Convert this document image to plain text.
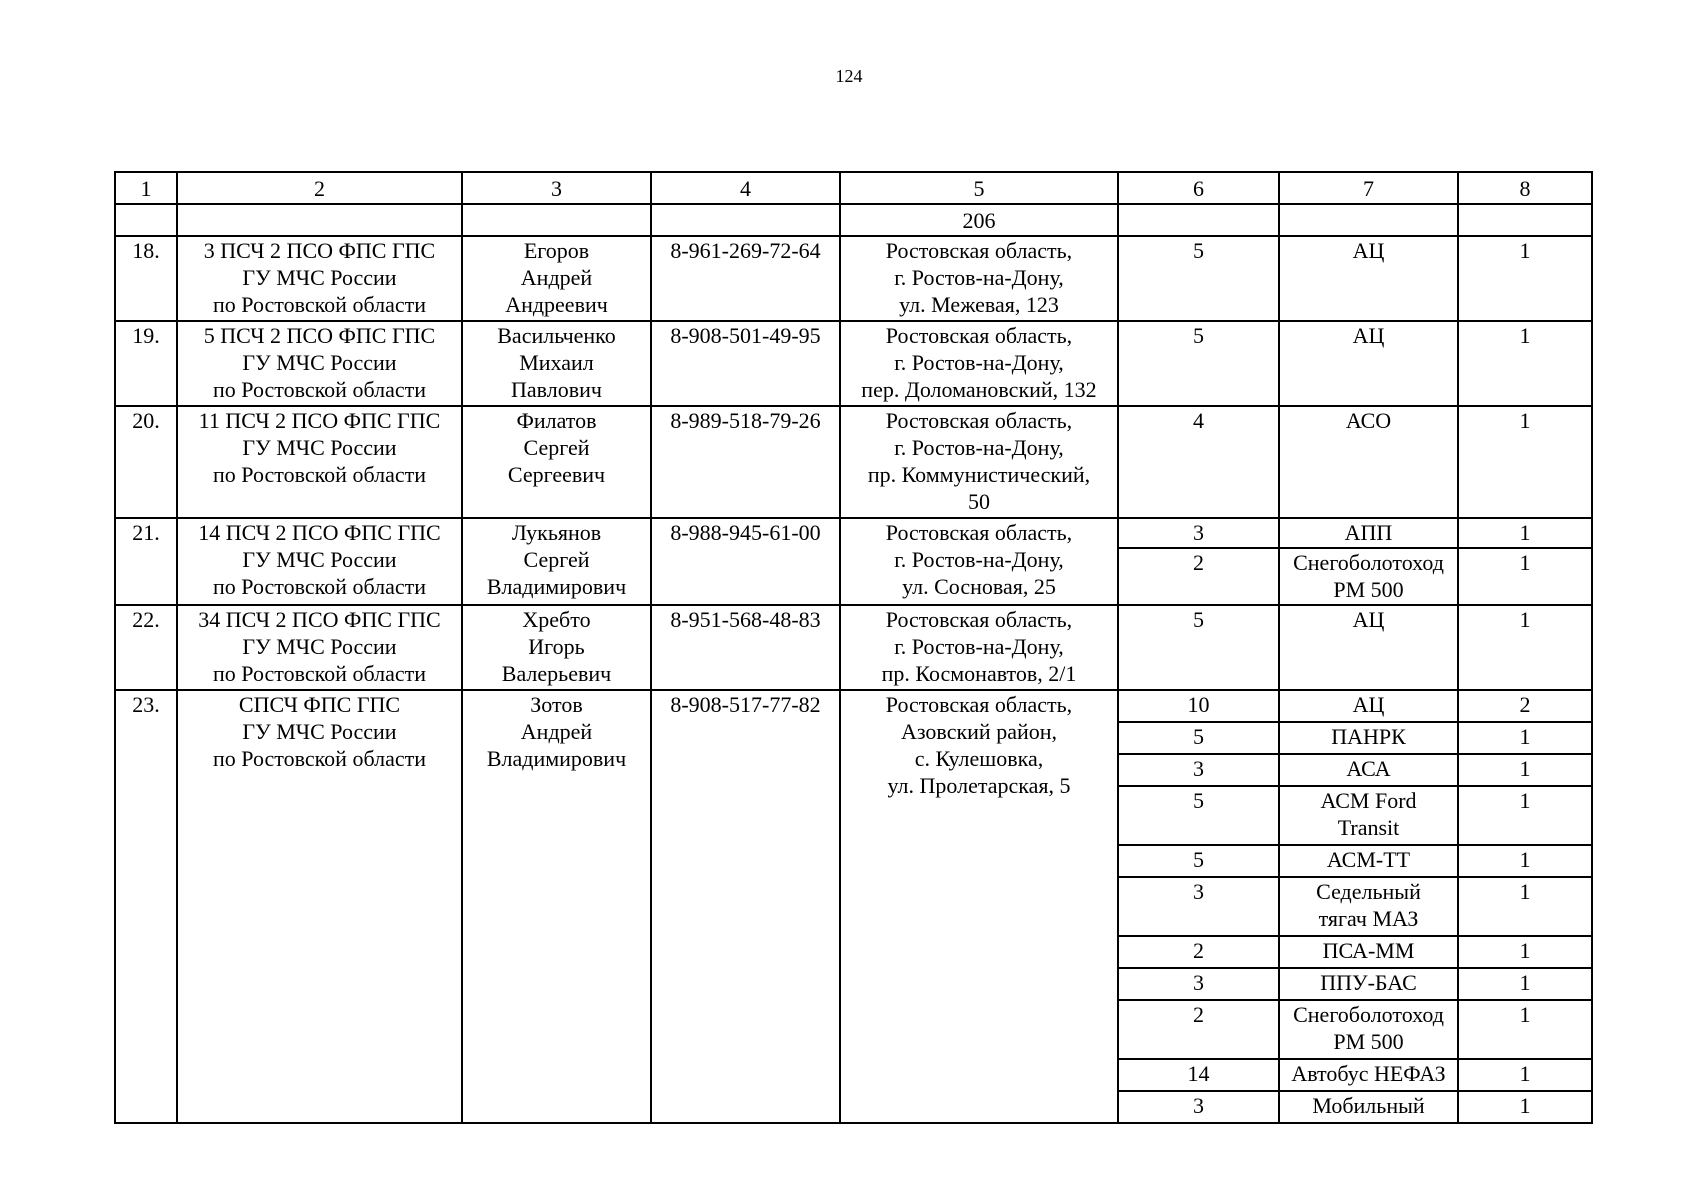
124
1	2	3	4	5	6	7	8
				206			
18.	3 ПСЧ 2 ПСО ФПС ГПС
ГУ МЧС России
по Ростовской области	Егоров
Андрей
Андреевич	8-961-269-72-64	Ростовская область,
г. Ростов-на-Дону,
ул. Межевая, 123	5	АЦ	1
19.	5 ПСЧ 2 ПСО ФПС ГПС
ГУ МЧС России
по Ростовской области	Васильченко
Михаил
Павлович	8-908-501-49-95	Ростовская область,
г. Ростов-на-Дону,
пер. Доломановский, 132	5	АЦ	1
20.	11 ПСЧ 2 ПСО ФПС ГПС
ГУ МЧС России
по Ростовской области	Филатов
Сергей
Сергеевич	8-989-518-79-26	Ростовская область,
г. Ростов-на-Дону,
пр. Коммунистический,
50	4	АСО	1
21.	14 ПСЧ 2 ПСО ФПС ГПС
ГУ МЧС России
по Ростовской области	Лукьянов
Сергей
Владимирович	8-988-945-61-00	Ростовская область,
г. Ростов-на-Дону,
ул. Сосновая, 25	3	АПП	1
					2	Снегоболотоход
РМ 500	1
22.	34 ПСЧ 2 ПСО ФПС ГПС
ГУ МЧС России
по Ростовской области	Хребто
Игорь
Валерьевич	8-951-568-48-83	Ростовская область,
г. Ростов-на-Дону,
пр. Космонавтов, 2/1	5	АЦ	1
23.	СПСЧ ФПС ГПС
ГУ МЧС России
по Ростовской области	Зотов
Андрей
Владимирович	8-908-517-77-82	Ростовская область,
Азовский район,
с. Кулешовка,
ул. Пролетарская, 5	10	АЦ	2
					5	ПАНРК	1
					3	АСА	1
					5	АСМ Ford
Transit	1
					5	АСМ-ТТ	1
					3	Седельный
тягач МАЗ	1
					2	ПСА-ММ	1
					3	ППУ-БАС	1
					2	Снегоболотоход
РМ 500	1
					14	Автобус НЕФАЗ	1
					3	Мобильный	1
